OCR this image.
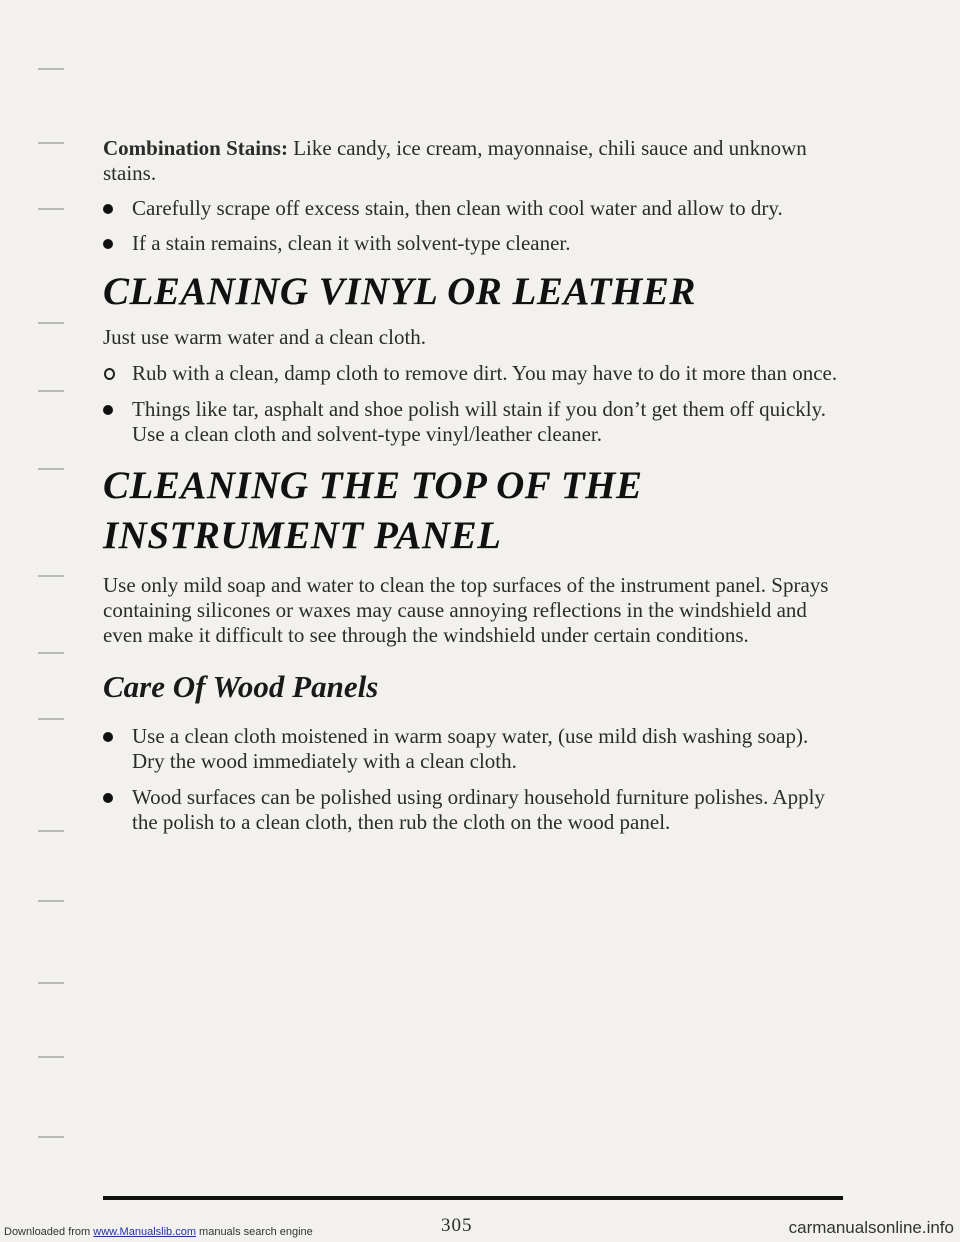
Combination Stains: Like candy, ice cream, mayonnaise, chili sauce and unknown stains.

Carefully scrape off excess stain, then clean with cool water and allow to dry.
If a stain remains, clean it with solvent-type cleaner.
CLEANING VINYL OR LEATHER

Just use warm water and a clean cloth.

Rub with a clean, damp cloth to remove dirt. You may have to do it more than once.
Things like tar, asphalt and shoe polish will stain if you don’t get them off quickly. Use a clean cloth and solvent-type vinyl/leather cleaner.
CLEANING THE TOP OF THE
INSTRUMENT PANEL

Use only mild soap and water to clean the top surfaces of the instrument panel. Sprays containing silicones or waxes may cause annoying reflections in the windshield and even make it difficult to see through the windshield under certain conditions.

Care Of Wood Panels
Use a clean cloth moistened in warm soapy water, (use mild dish washing soap). Dry the wood immediately with a clean cloth.
Wood surfaces can be polished using ordinary household furniture polishes. Apply the polish to a clean cloth, then rub the cloth on the wood panel.
305
Downloaded from www.Manualslib.com manuals search engine	carmanualsonline.info
